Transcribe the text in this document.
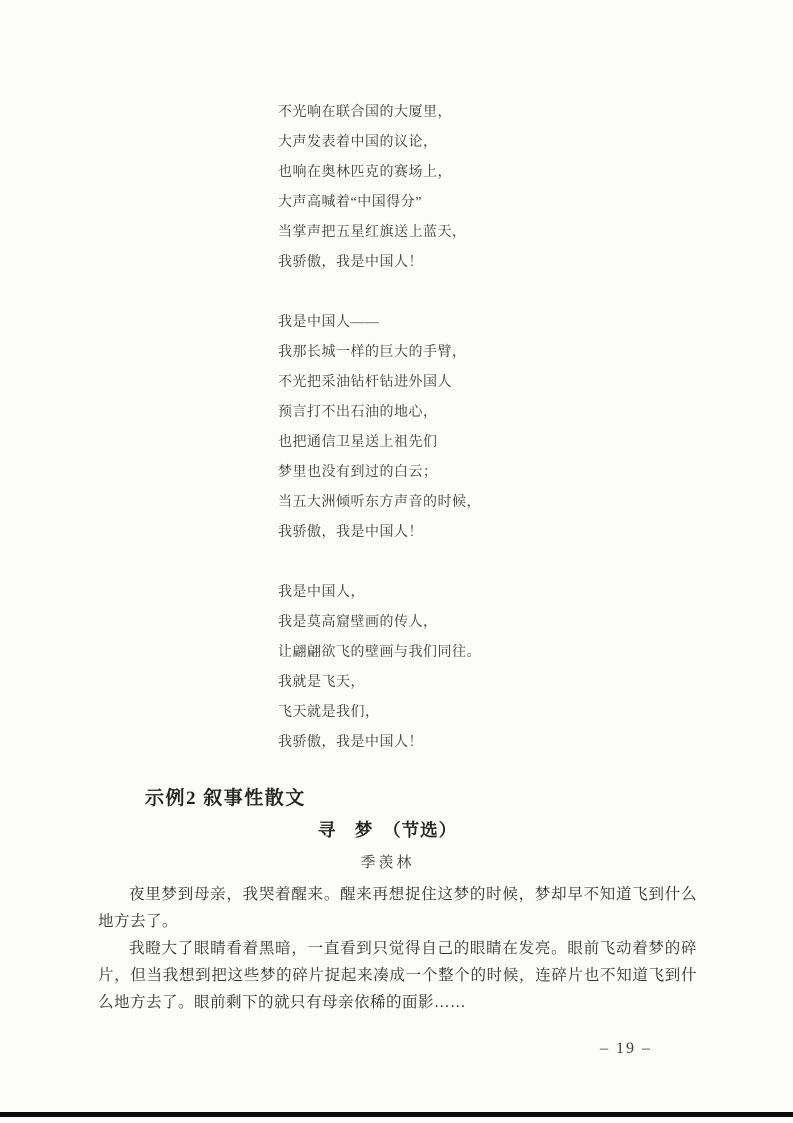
不光响在联合国的大厦里，

大声发表着中国的议论，

也响在奥林匹克的赛场上，

大声高喊着“中国得分”

当掌声把五星红旗送上蓝天，

我骄傲，我是中国人！

我是中国人——

我那长城一样的巨大的手臂，

不光把采油钻杆钻进外国人

预言打不出石油的地心，

也把通信卫星送上祖先们

梦里也没有到过的白云；

当五大洲倾听东方声音的时候，

我骄傲，我是中国人！

我是中国人，

我是莫高窟壁画的传人，

让翩翩欲飞的壁画与我们同往。

我就是飞天，

飞天就是我们，

我骄傲，我是中国人！

示例2 叙事性散文
寻　梦　（节选）
季羡林

夜里梦到母亲，我哭着醒来。醒来再想捉住这梦的时候，梦却早不知道飞到什么地方去了。

我瞪大了眼睛看着黑暗，一直看到只觉得自己的眼睛在发亮。眼前飞动着梦的碎片，但当我想到把这些梦的碎片捉起来凑成一个整个的时候，连碎片也不知道飞到什么地方去了。眼前剩下的就只有母亲依稀的面影……

– 19 –
